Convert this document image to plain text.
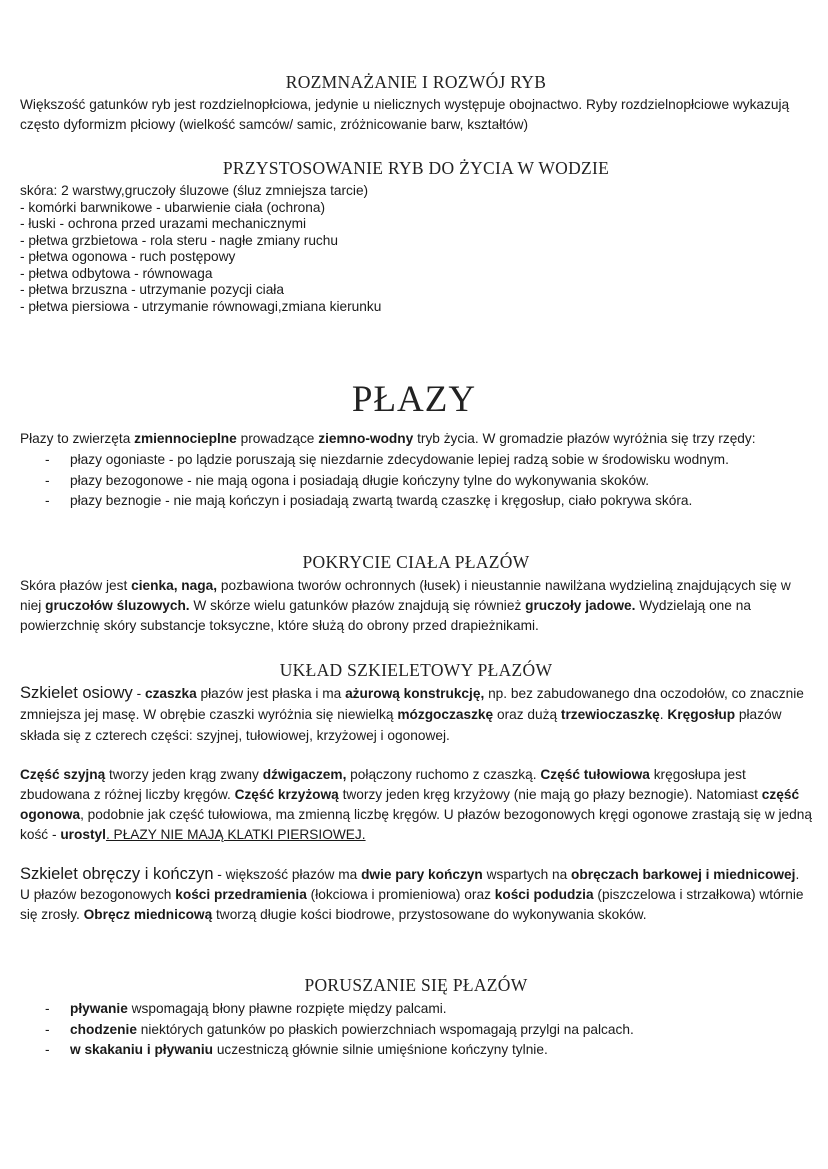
ROZMNAŻANIE I ROZWÓJ RYB

Większość gatunków ryb jest rozdzielnopłciowa, jedynie u nielicznych występuje obojnactwo. Ryby rozdzielnopłciowe wykazują często dyformizm płciowy (wielkość samców/ samic, zróżnicowanie barw, kształtów)

PRZYSTOSOWANIE RYB DO ŻYCIA W WODZIE

skóra: 2 warstwy,gruczoły śluzowe (śluz zmniejsza tarcie)

- komórki barwnikowe - ubarwienie ciała (ochrona)

- łuski - ochrona przed urazami mechanicznymi

- płetwa grzbietowa - rola steru - nagłe zmiany ruchu

- płetwa ogonowa - ruch postępowy

- płetwa odbytowa - równowaga

- płetwa brzuszna - utrzymanie pozycji ciała

- płetwa piersiowa - utrzymanie równowagi,zmiana kierunku

PŁAZY

Płazy to zwierzęta zmiennocieplne prowadzące ziemno-wodny tryb życia. W gromadzie płazów wyróżnia się trzy rzędy:

- płazy ogoniaste - po lądzie poruszają się niezdarnie zdecydowanie lepiej radzą sobie w środowisku wodnym.
- płazy bezogonowe - nie mają ogona i posiadają długie kończyny tylne do wykonywania skoków.
- płazy beznogie - nie mają kończyn i posiadają zwartą twardą czaszkę i kręgosłup, ciało pokrywa skóra.
POKRYCIE CIAŁA PŁAZÓW

Skóra płazów jest cienka, naga, pozbawiona tworów ochronnych (łusek) i nieustannie nawilżana wydzieliną znajdujących się w niej gruczołów śluzowych. W skórze wielu gatunków płazów znajdują się również gruczoły jadowe. Wydzielają one na powierzchnię skóry substancje toksyczne, które służą do obrony przed drapieżnikami.

UKŁAD SZKIELETOWY PŁAZÓW

Szkielet osiowy - czaszka płazów jest płaska i ma ażurową konstrukcję, np. bez zabudowanego dna oczodołów, co znacznie zmniejsza jej masę. W obrębie czaszki wyróżnia się niewielką mózgoczaszkę oraz dużą trzewioczaszkę. Kręgosłup płazów składa się z czterech części: szyjnej, tułowiowej, krzyżowej i ogonowej.

Część szyjną tworzy jeden krąg zwany dźwigaczem, połączony ruchomo z czaszką. Część tułowiowa kręgosłupa jest zbudowana z różnej liczby kręgów. Część krzyżową tworzy jeden kręg krzyżowy (nie mają go płazy beznogie). Natomiast część ogonowa, podobnie jak część tułowiowa, ma zmienną liczbę kręgów. U płazów bezogonowych kręgi ogonowe zrastają się w jedną kość - urostyl. PŁAZY NIE MAJĄ KLATKI PIERSIOWEJ.

Szkielet obręczy i kończyn - większość płazów ma dwie pary kończyn wspartych na obręczach barkowej i miednicowej. U płazów bezogonowych kości przedramienia (łokciowa i promieniowa) oraz kości podudzia (piszczelowa i strzałkowa) wtórnie się zrosły. Obręcz miednicową tworzą długie kości biodrowe, przystosowane do wykonywania skoków.

PORUSZANIE SIĘ PŁAZÓW
- pływanie wspomagają błony pławne rozpięte między palcami.
- chodzenie niektórych gatunków po płaskich powierzchniach wspomagają przylgi na palcach.
- w skakaniu i pływaniu uczestniczą głównie silnie umięśnione kończyny tylnie.
